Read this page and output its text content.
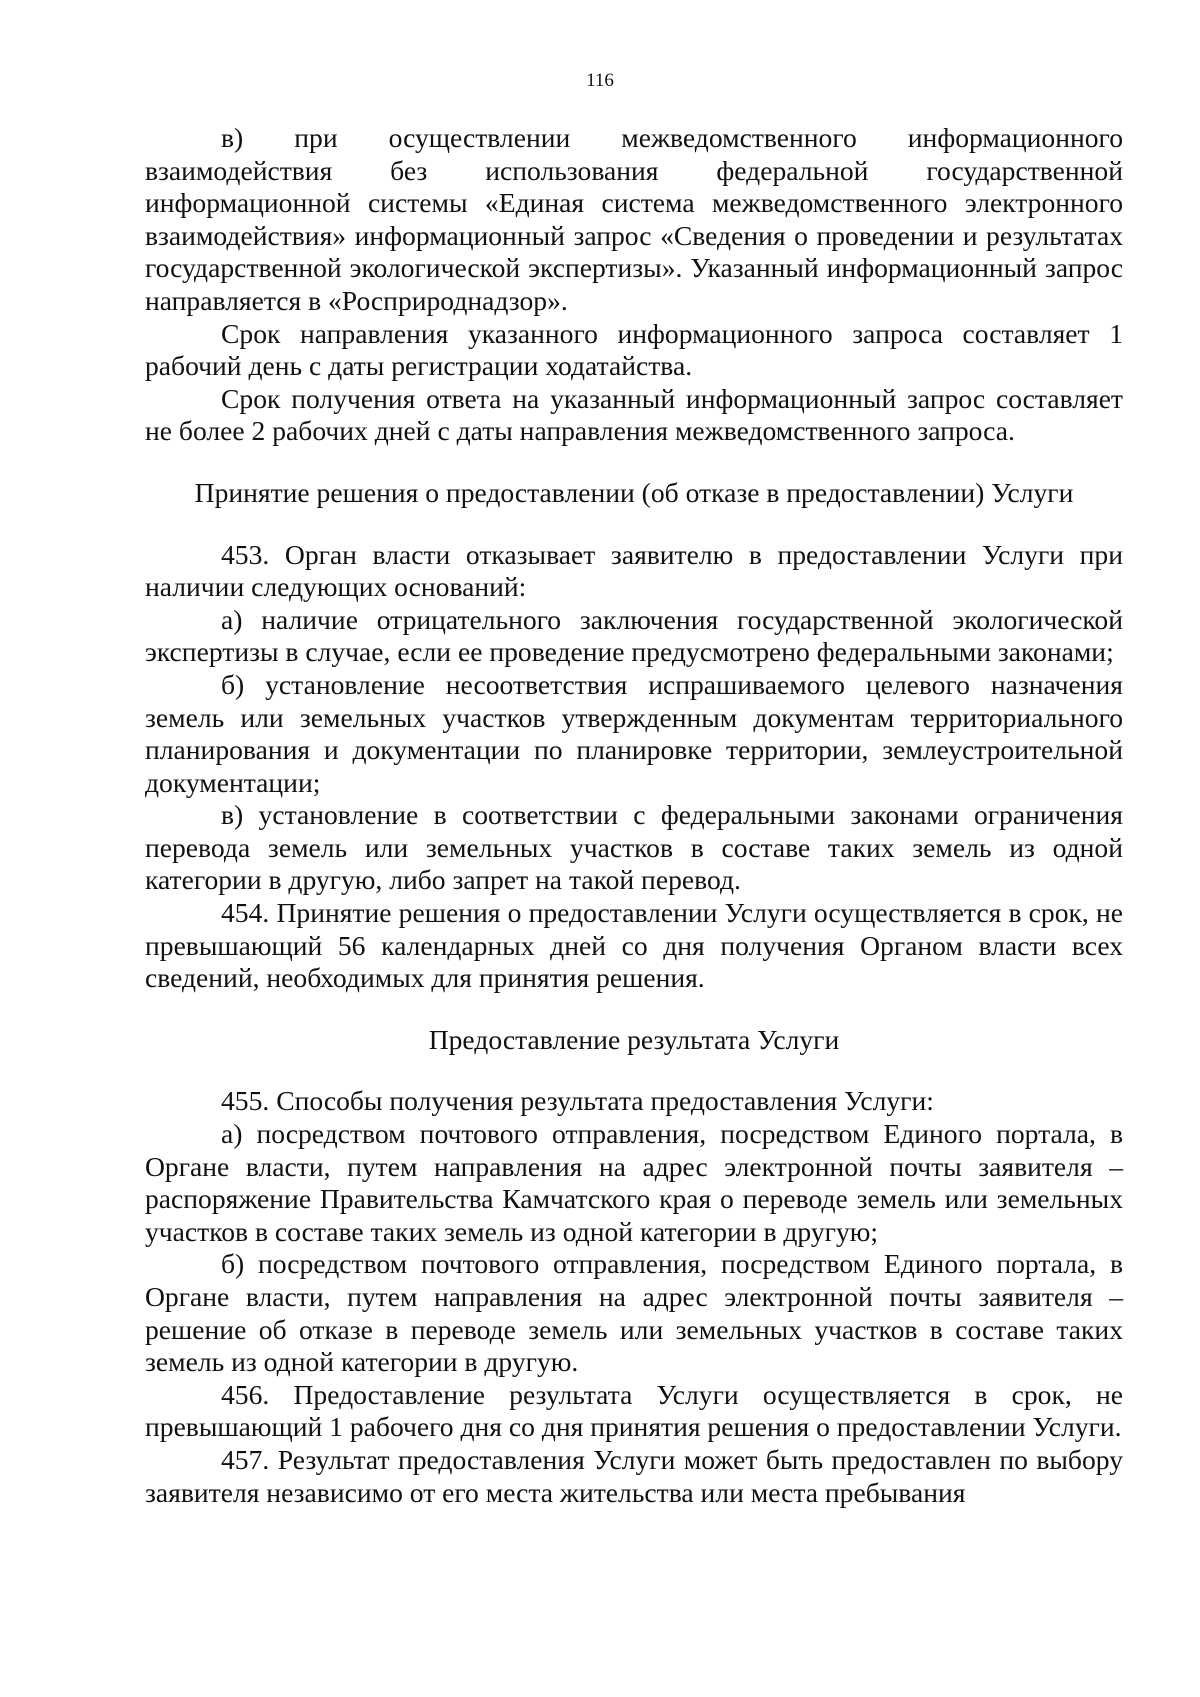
116

в) при осуществлении межведомственного информационного взаимодействия без использования федеральной государственной информационной системы «Единая система межведомственного электронного взаимодействия» информационный запрос «Сведения о проведении и результатах государственной экологической экспертизы». Указанный информационный запрос направляется в «Росприроднадзор».

Срок направления указанного информационного запроса составляет 1 рабочий день с даты регистрации ходатайства.

Срок получения ответа на указанный информационный запрос составляет не более 2 рабочих дней с даты направления межведомственного запроса.

Принятие решения о предоставлении (об отказе в предоставлении) Услуги

453. Орган власти отказывает заявителю в предоставлении Услуги при наличии следующих оснований:

а) наличие отрицательного заключения государственной экологической экспертизы в случае, если ее проведение предусмотрено федеральными законами;

б) установление несоответствия испрашиваемого целевого назначения земель или земельных участков утвержденным документам территориального планирования и документации по планировке территории, землеустроительной документации;

в) установление в соответствии с федеральными законами ограничения перевода земель или земельных участков в составе таких земель из одной категории в другую, либо запрет на такой перевод.

454. Принятие решения о предоставлении Услуги осуществляется в срок, не превышающий 56 календарных дней со дня получения Органом власти всех сведений, необходимых для принятия решения.

Предоставление результата Услуги

455. Способы получения результата предоставления Услуги:

а) посредством почтового отправления, посредством Единого портала, в Органе власти, путем направления на адрес электронной почты заявителя – распоряжение Правительства Камчатского края о переводе земель или земельных участков в составе таких земель из одной категории в другую;

б) посредством почтового отправления, посредством Единого портала, в Органе власти, путем направления на адрес электронной почты заявителя – решение об отказе в переводе земель или земельных участков в составе таких земель из одной категории в другую.

456. Предоставление результата Услуги осуществляется в срок, не превышающий 1 рабочего дня со дня принятия решения о предоставлении Услуги.

457. Результат предоставления Услуги может быть предоставлен по выбору заявителя независимо от его места жительства или места пребывания
